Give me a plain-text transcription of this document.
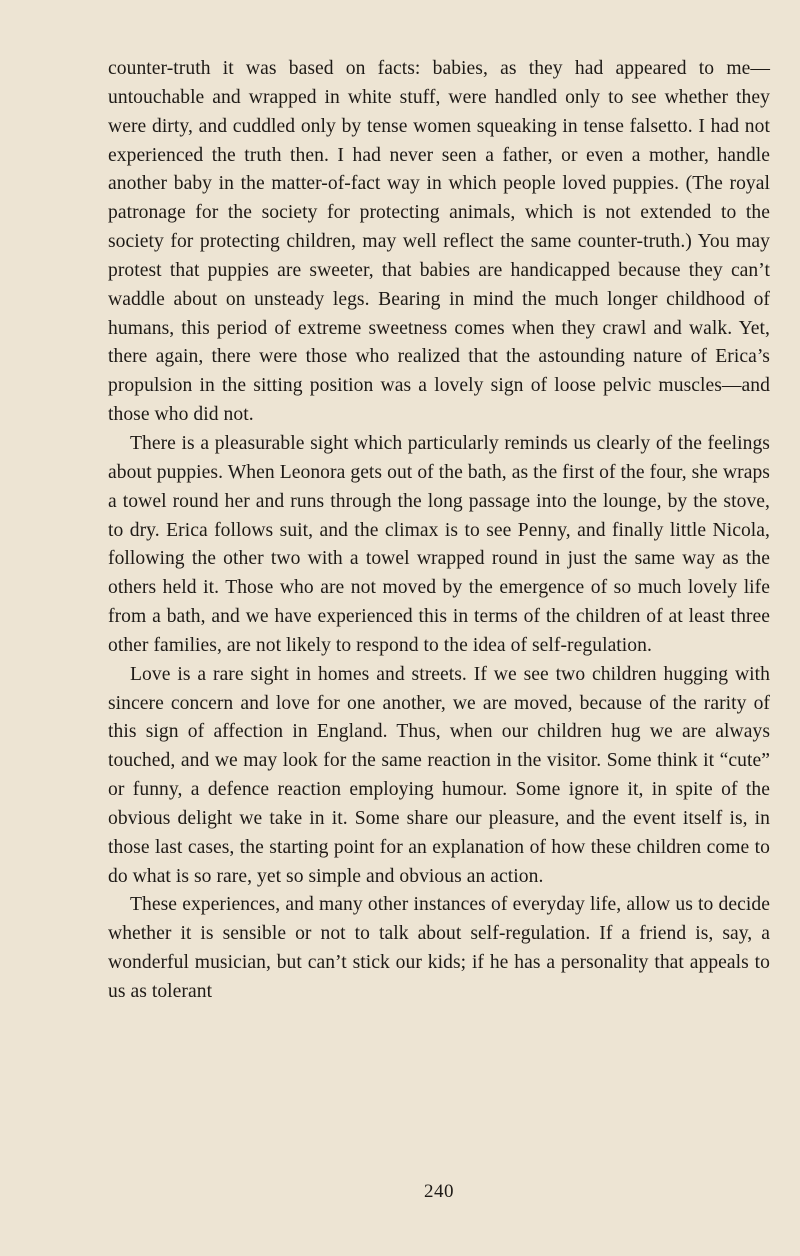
counter-truth it was based on facts: babies, as they had appeared to me—untouchable and wrapped in white stuff, were handled only to see whether they were dirty, and cuddled only by tense women squeaking in tense falsetto. I had not experienced the truth then. I had never seen a father, or even a mother, handle another baby in the matter-of-fact way in which people loved puppies. (The royal patronage for the society for protecting animals, which is not extended to the society for protecting children, may well reflect the same counter-truth.) You may protest that puppies are sweeter, that babies are handicapped because they can’t waddle about on unsteady legs. Bearing in mind the much longer childhood of humans, this period of extreme sweetness comes when they crawl and walk. Yet, there again, there were those who realized that the astounding nature of Erica’s propulsion in the sitting position was a lovely sign of loose pelvic muscles—and those who did not.

There is a pleasurable sight which particularly reminds us clearly of the feelings about puppies. When Leonora gets out of the bath, as the first of the four, she wraps a towel round her and runs through the long passage into the lounge, by the stove, to dry. Erica follows suit, and the climax is to see Penny, and finally little Nicola, following the other two with a towel wrapped round in just the same way as the others held it. Those who are not moved by the emergence of so much lovely life from a bath, and we have experienced this in terms of the children of at least three other families, are not likely to respond to the idea of self-regulation.

Love is a rare sight in homes and streets. If we see two children hugging with sincere concern and love for one another, we are moved, because of the rarity of this sign of affection in England. Thus, when our children hug we are always touched, and we may look for the same reaction in the visitor. Some think it “cute” or funny, a defence reaction employing humour. Some ignore it, in spite of the obvious delight we take in it. Some share our pleasure, and the event itself is, in those last cases, the starting point for an explanation of how these children come to do what is so rare, yet so simple and obvious an action.

These experiences, and many other instances of everyday life, allow us to decide whether it is sensible or not to talk about self-regulation. If a friend is, say, a wonderful musician, but can’t stick our kids; if he has a personality that appeals to us as tolerant

240
